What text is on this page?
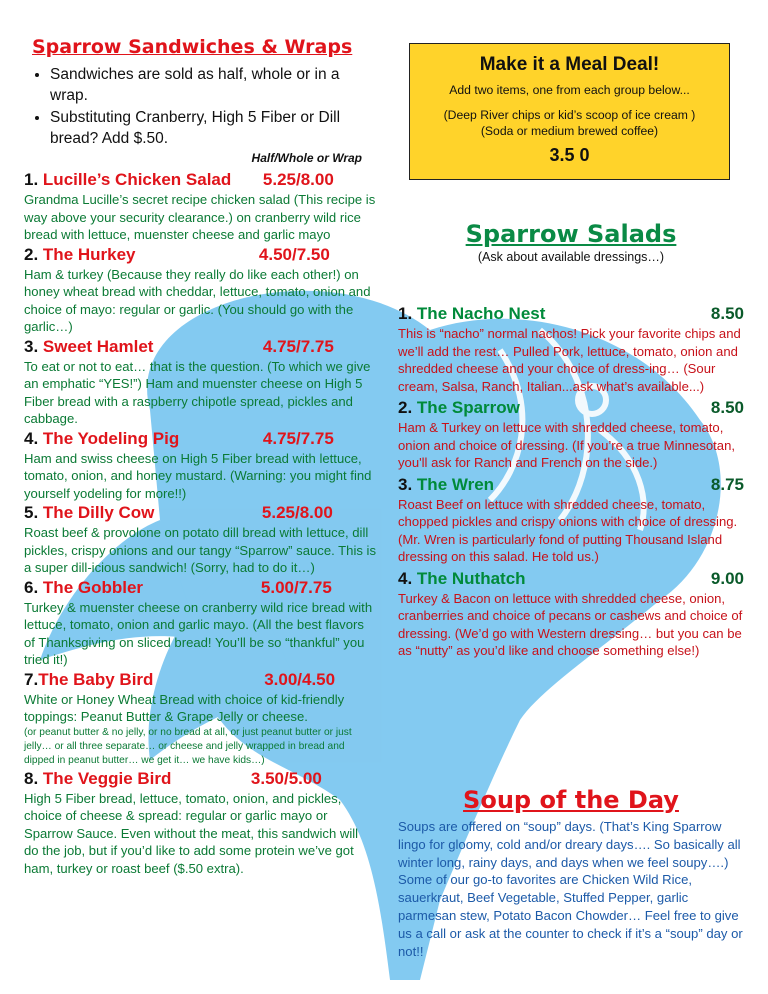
Sparrow Sandwiches & Wraps
• Sandwiches are sold as half, whole or in a wrap.
• Substituting Cranberry, High 5 Fiber or Dill bread? Add $.50.
Half/Whole or Wrap
1.
Lucille’s Chicken Salad	5.25/8.00
Grandma Lucille’s secret recipe chicken salad (This recipe is way above your security clearance.) on cranberry wild rice bread with lettuce, muenster cheese and garlic mayo
2.
The Hurkey	4.50/7.50
Ham & turkey (Because they really do like each other!) on honey wheat bread with cheddar, lettuce, tomato, onion and choice of mayo: regular or garlic. (You should go with the garlic…)
3.
Sweet Hamlet	4.75/7.75
To eat or not to eat… that is the question. (To which we give an emphatic “YES!”) Ham and muenster cheese on High 5 Fiber bread with a raspberry chipotle spread, pickles and cabbage.
4.
The Yodeling Pig	4.75/7.75
Ham and swiss cheese on High 5 Fiber bread with lettuce, tomato, onion, and honey mustard. (Warning: you might find yourself yodeling for more!!)
5.
The Dilly Cow	5.25/8.00
Roast beef & provolone on potato dill bread with lettuce, dill pickles, crispy onions and our tangy “Sparrow” sauce. This is a super dill-icious sandwich! (Sorry, had to do it…)
6.
The Gobbler	5.00/7.75
Turkey & muenster cheese on cranberry wild rice bread with lettuce, tomato, onion and garlic mayo. (All the best flavors of Thanksgiving on sliced bread! You’ll be so “thankful” you tried it!)
7. The Baby Bird	3.00/4.50
White or Honey Wheat Bread with choice of kid-friendly toppings: Peanut Butter & Grape Jelly or cheese.
(or peanut butter & no jelly, or no bread at all, or just peanut butter or just jelly… or all three separate… or cheese and jelly wrapped in bread and dipped in peanut butter… we get it… we have kids…)
8.
The Veggie Bird	3.50/5.00
High 5 Fiber bread, lettuce, tomato, onion, and pickles, choice of cheese & spread: regular or garlic mayo or Sparrow Sauce. Even without the meat, this sandwich will do the job, but if you’d like to add some protein we’ve got ham, turkey or roast beef ($.50 extra).
Make it a Meal Deal!
Add two items, one from each group below...
(Deep River chips or kid’s scoop of ice cream )
(Soda or medium brewed coffee)
3.5 0
Sparrow Salads
(Ask about available dressings…)
1.
The Nacho Nest	8.50
This is “nacho” normal nachos! Pick your favorite chips and we’ll add the rest… Pulled Pork, lettuce, tomato, onion and shredded cheese and your choice of dress-ing… (Sour cream, Salsa, Ranch, Italian...ask what’s available...)
2.
The Sparrow	8.50
Ham & Turkey on lettuce with shredded cheese, tomato, onion and choice of dressing. (If you’re a true Minnesotan, you'll ask for Ranch and French on the side.)
3.
The Wren	8.75
Roast Beef on lettuce with shredded cheese, tomato, chopped pickles and crispy onions with choice of dressing. (Mr. Wren is particularly fond of putting Thousand Island dressing on this salad. He told us.)
4.
The Nuthatch	9.00
Turkey & Bacon on lettuce with shredded cheese, onion, cranberries and choice of pecans or cashews and choice of dressing. (We’d go with Western dressing… but you can be as “nutty” as you’d like and choose something else!)
Soup of the Day
Soups are offered on “soup” days. (That’s King Sparrow lingo for gloomy, cold and/or dreary days…. So basically all winter long, rainy days, and days when we feel soupy….) Some of our go-to favorites are Chicken Wild Rice, sauerkraut, Beef Vegetable, Stuffed Pepper, garlic parmesan stew, Potato Bacon Chowder… Feel free to give us a call or ask at the counter to check if it’s a “soup” day or not!!
